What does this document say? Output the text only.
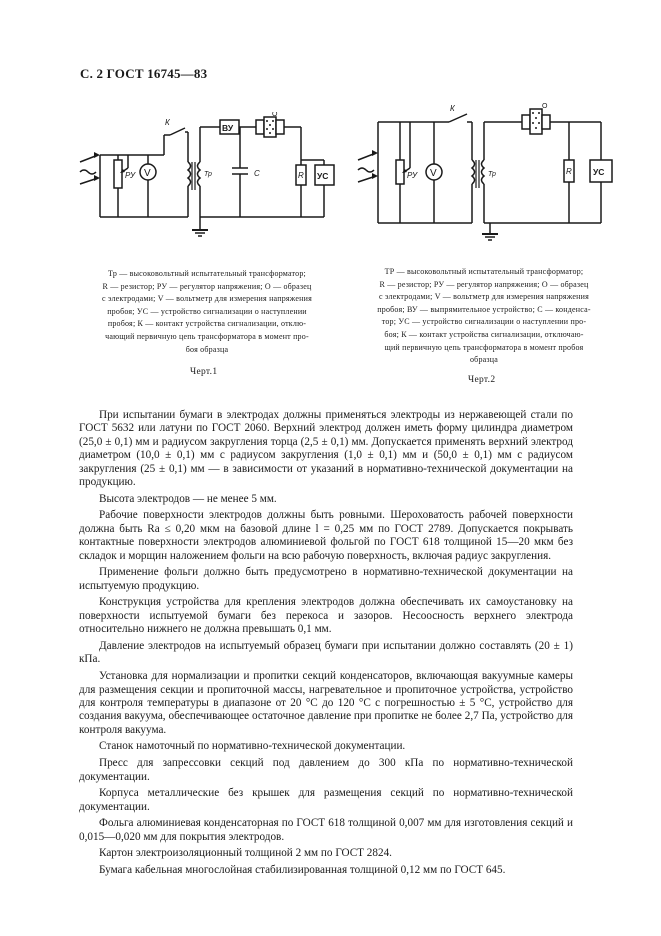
С. 2 ГОСТ 16745—83
РУ V
К
Тр
ВУ
О
С	R УС

Тр — высоковольтный испытательный трансформатор;

R — резистор; РУ — регулятор напряжения; О — образец

с электродами; V — вольтметр для измерения напряжения

пробоя; УС — устройство сигнализации о наступлении

пробоя; К — контакт устройства сигнализации, отклю-

чающий первичную цепь трансформатора в момент про-

боя образца

Черт.1
РУ V
К
Тр
О
R УС

ТР — высоковольтный испытательный трансформатор;

R — резистор; РУ — регулятор напряжения; О — образец

с электродами; V — вольтметр для измерения напряжения

пробоя; ВУ — выпрямительное устройство; С — конденса-

тор; УС — устройство сигнализации о наступлении про-

боя; К — контакт устройства сигнализации, отключаю-

щий первичную цепь трансформатора в момент пробоя

образца

Черт.2

При испытании бумаги в электродах должны применяться электроды из нержавеющей стали по ГОСТ 5632 или латуни по ГОСТ 2060. Верхний электрод должен иметь форму цилиндра диаметром (25,0 ± 0,1) мм и радиусом закругления торца (2,5 ± 0,1) мм. Допускается применять верхний электрод диаметром (10,0 ± 0,1) мм с радиусом закругления (1,0 ± 0,1) мм и (50,0 ± 0,1) мм с радиусом закругления (25 ± 0,1) мм — в зависимости от указаний в нормативно-технической документации на продукцию.

Высота электродов — не менее 5 мм.

Рабочие поверхности электродов должны быть ровными. Шероховатость рабочей поверхности должна быть Ra ≤ 0,20 мкм на базовой длине l = 0,25 мм по ГОСТ 2789. Допускается покрывать контактные поверхности электродов алюминиевой фольгой по ГОСТ 618 толщиной 15—20 мкм без складок и морщин наложением фольги на всю рабочую поверхность, включая радиус закругления.

Применение фольги должно быть предусмотрено в нормативно-технической документации на испытуемую продукцию.

Конструкция устройства для крепления электродов должна обеспечивать их самоустановку на поверхности испытуемой бумаги без перекоса и зазоров. Несоосность верхнего электрода относительно нижнего не должна превышать 0,1 мм.

Давление электродов на испытуемый образец бумаги при испытании должно составлять (20 ± 1) кПа.

Установка для нормализации и пропитки секций конденсаторов, включающая вакуумные камеры для размещения секции и пропиточной массы, нагревательное и пропиточное устройства, устройство для контроля температуры в диапазоне от 20 °С до 120 °С с погрешностью ± 5 °С, устройство для создания вакуума, обеспечивающее остаточное давление при пропитке не более 2,7 Па, устройство для контроля вакуума.

Станок намоточный по нормативно-технической документации.

Пресс для запрессовки секций под давлением до 300 кПа по нормативно-технической документации.

Корпуса металлические без крышек для размещения секций по нормативно-технической документации.

Фольга алюминиевая конденсаторная по ГОСТ 618 толщиной 0,007 мм для изготовления секций и 0,015—0,020 мм для покрытия электродов.

Картон электроизоляционный толщиной 2 мм по ГОСТ 2824.

Бумага кабельная многослойная стабилизированная толщиной 0,12 мм по ГОСТ 645.
